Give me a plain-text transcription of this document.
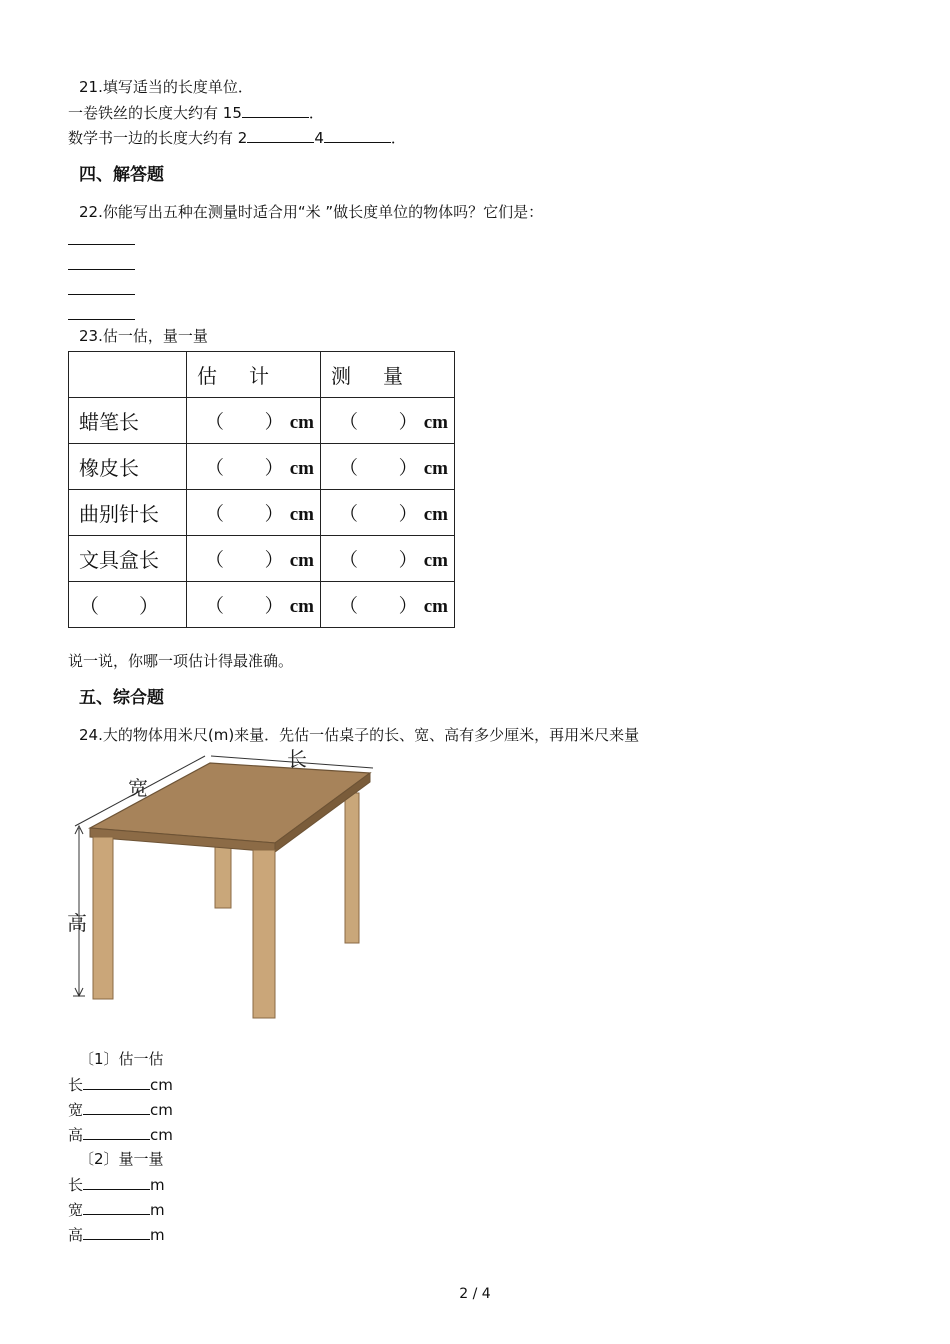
21.填写适当的长度单位．
一卷铁丝的长度大约有 15	．
数学书一边的长度大约有 2	4	．
四、解答题
22.你能写出五种在测量时适合用“米 ”做长度单位的物体吗？它们是：
23.估一估，量一量
	估　计	测　量
蜡笔长	（ ） cm	（ ） cm

橡皮长	（ ） cm	（ ） cm

曲别针长	（ ） cm	（ ） cm

文具盒长	（ ） cm	（ ） cm

（　　）	（ ） cm	（ ） cm
说一说，你哪一项估计得最准确。
五、综合题
24.大的物体用米尺(m)来量．先估一估桌子的长、宽、高有多少厘米，再用米尺来量
长
宽
高
〔1〕估一估
长	cm
宽	cm
高	cm
〔2〕量一量
长	m
宽	m
高	m
2 / 4
